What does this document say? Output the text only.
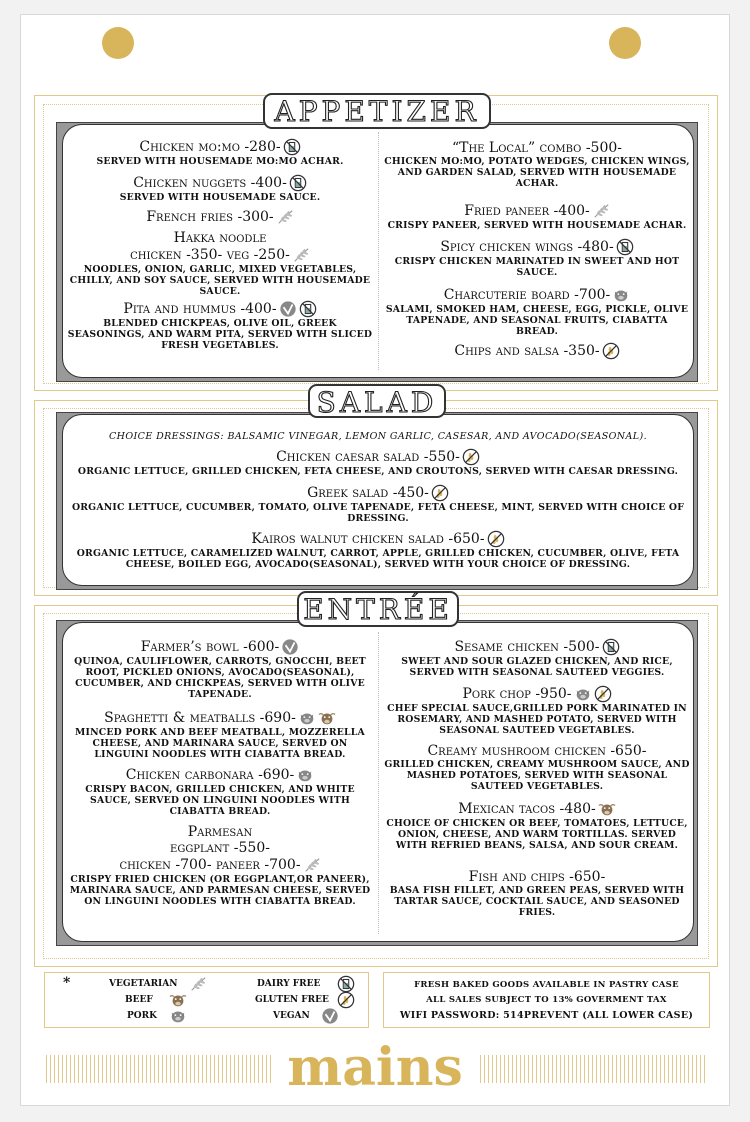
APPETIZER
Chicken mo:mo -280-
SERVED WITH HOUSEMADE MO:MO ACHAR.
Chicken nuggets -400-
SERVED WITH HOUSEMADE SAUCE.
French fries -300-
Hakka noodle
chicken -350- veg -250-
NOODLES, ONION, GARLIC, MIXED VEGETABLES, CHILLY, AND SOY SAUCE, SERVED WITH HOUSEMADE SAUCE.
Pita and hummus -400-
BLENDED CHICKPEAS, OLIVE OIL, GREEK SEASONINGS, AND WARM PITA, SERVED WITH SLICED FRESH VEGETABLES.
“The Local” combo -500-
CHICKEN MO:MO, POTATO WEDGES, CHICKEN WINGS, AND GARDEN SALAD, SERVED WITH HOUSEMADE ACHAR.
Fried paneer -400-
CRISPY PANEER, SERVED WITH HOUSEMADE ACHAR.
Spicy chicken wings -480-
CRISPY CHICKEN MARINATED IN SWEET AND HOT SAUCE.
Charcuterie board -700-
SALAMI, SMOKED HAM, CHEESE, EGG, PICKLE, OLIVE TAPENADE, AND SEASONAL FRUITS, CIABATTA BREAD.
Chips and salsa -350-
SALAD
CHOICE DRESSINGS: BALSAMIC VINEGAR, LEMON GARLIC, CASESAR, AND AVOCADO(SEASONAL).
Chicken caesar salad -550-
ORGANIC LETTUCE, GRILLED CHICKEN, FETA CHEESE, AND CROUTONS, SERVED WITH CAESAR DRESSING.
Greek salad -450-
ORGANIC LETTUCE, CUCUMBER, TOMATO, OLIVE TAPENADE, FETA CHEESE, MINT, SERVED WITH CHOICE OF DRESSING.
Kairos walnut chicken salad -650-
ORGANIC LETTUCE, CARAMELIZED WALNUT, CARROT, APPLE, GRILLED CHICKEN, CUCUMBER, OLIVE, FETA CHEESE, BOILED EGG, AVOCADO(SEASONAL), SERVED WITH YOUR CHOICE OF DRESSING.
ENTRÉE
Farmer’s bowl -600-
QUINOA, CAULIFLOWER, CARROTS, GNOCCHI, BEET ROOT, PICKLED ONIONS, AVOCADO(SEASONAL), CUCUMBER, AND CHICKPEAS, SERVED WITH OLIVE TAPENADE.
Spaghetti & meatballs -690-
MINCED PORK AND BEEF MEATBALL, MOZZERELLA CHEESE, AND MARINARA SAUCE, SERVED ON LINGUINI NOODLES WITH CIABATTA BREAD.
Chicken carbonara -690-
CRISPY BACON, GRILLED CHICKEN, AND WHITE SAUCE, SERVED ON LINGUINI NOODLES WITH CIABATTA BREAD.
Parmesan
eggplant -550-
chicken -700- paneer -700-
CRISPY FRIED CHICKEN (OR EGGPLANT,OR PANEER), MARINARA SAUCE, AND PARMESAN CHEESE, SERVED ON LINGUINI NOODLES WITH CIABATTA BREAD.
Sesame chicken -500-
SWEET AND SOUR GLAZED CHICKEN, AND RICE, SERVED WITH SEASONAL SAUTEED VEGGIES.
Pork chop -950-
CHEF SPECIAL SAUCE,GRILLED PORK MARINATED IN ROSEMARY, AND MASHED POTATO, SERVED WITH SEASONAL SAUTEED VEGETABLES.
Creamy mushroom chicken -650-
GRILLED CHICKEN, CREAMY MUSHROOM SAUCE, AND MASHED POTATOES, SERVED WITH SEASONAL SAUTEED VEGETABLES.
Mexican tacos -480-
CHOICE OF CHICKEN OR BEEF, TOMATOES, LETTUCE, ONION, CHEESE, AND WARM TORTILLAS. SERVED WITH REFRIED BEANS, SALSA, AND SOUR CREAM.
Fish and chips -650-
BASA FISH FILLET, AND GREEN PEAS, SERVED WITH TARTAR SAUCE, COCKTAIL SAUCE, AND SEASONED FRIES.
*	VEGETARIAN
BEEF
PORK
DAIRY FREE
GLUTEN FREE
VEGAN
FRESH BAKED GOODS AVAILABLE IN PASTRY CASE
ALL SALES SUBJECT TO 13% GOVERMENT TAX
WIFI PASSWORD: 514PREVENT (ALL LOWER CASE)
mains
